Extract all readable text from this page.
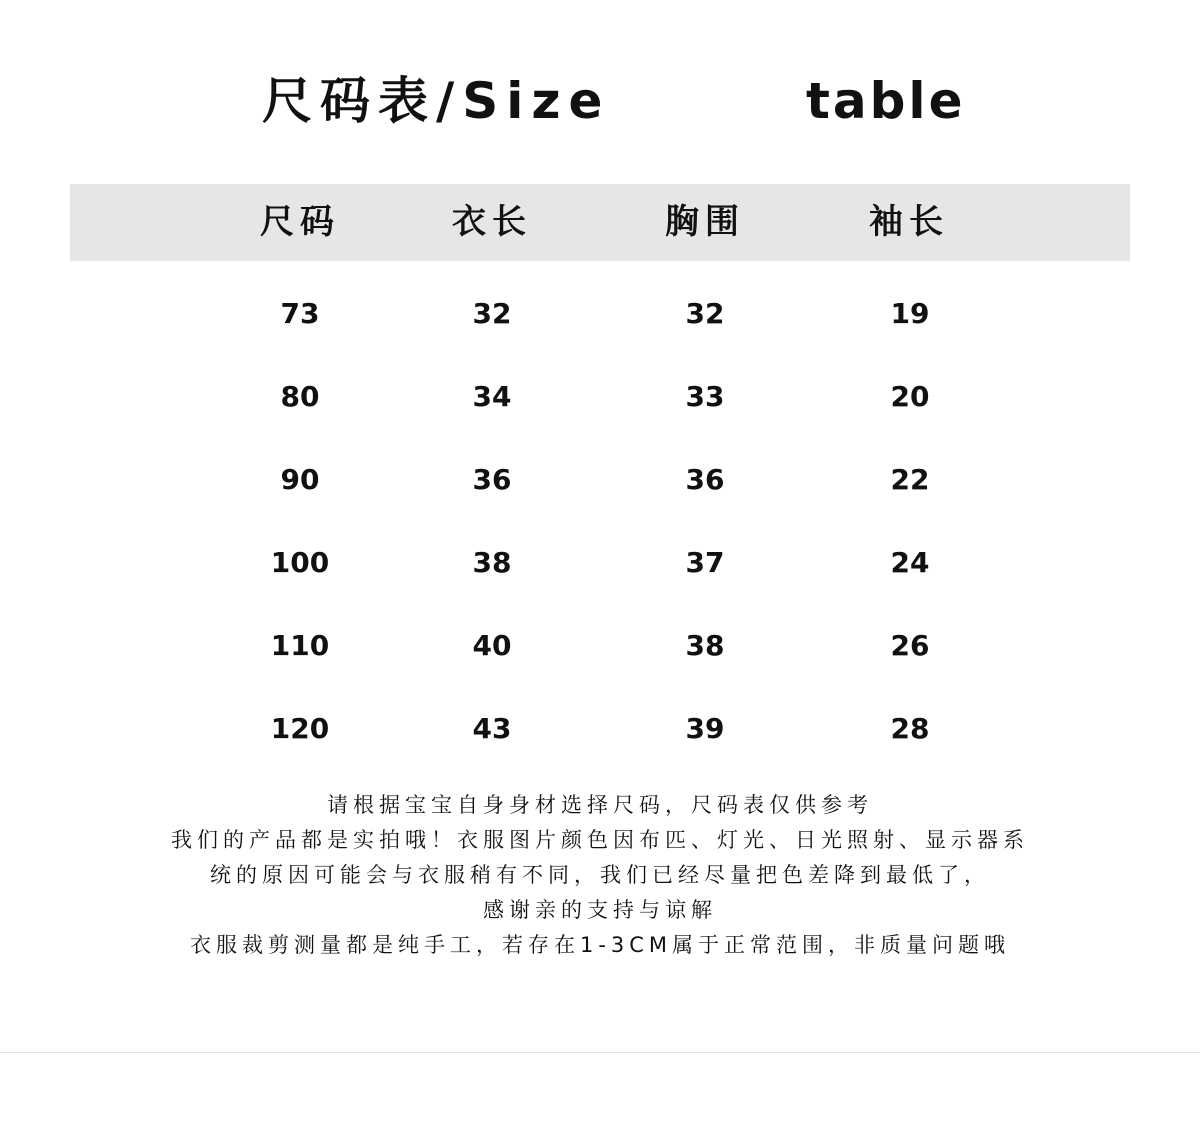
尺码表/Size	table
尺码	衣长	胸围	袖长
73	32	32	19
80	34	33	20
90	36	36	22
100	38	37	24
110	40	38	26
120	43	39	28
请根据宝宝自身身材选择尺码，尺码表仅供参考
我们的产品都是实拍哦！衣服图片颜色因布匹、灯光、日光照射、显示器系
统的原因可能会与衣服稍有不同，我们已经尽量把色差降到最低了，
感谢亲的支持与谅解
衣服裁剪测量都是纯手工，若存在1-3CM属于正常范围，非质量问题哦
